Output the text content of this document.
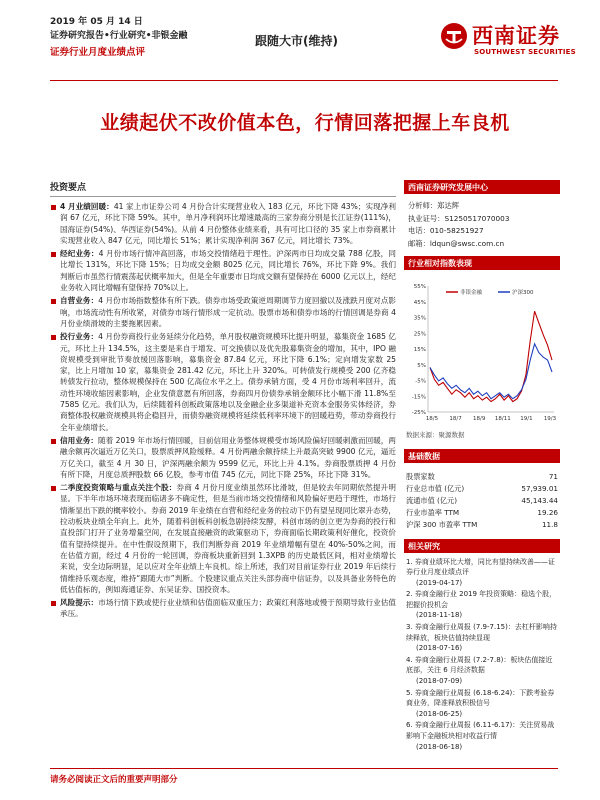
2019 年 05 月 14 日
证券研究报告•行业研究•非银金融
证券行业月度业绩点评
跟随大市(维持)	西南证券
SOUTHWEST SECURITIES
业绩起伏不改价值本色，行情回落把握上车良机
投资要点
4 月业绩回暖：41 家上市证券公司 4 月份合计实现营业收入 183 亿元，环比下降 43%；实现净利润 67 亿元，环比下降 59%。其中，单月净利润环比增速最高的三家券商分别是长江证券(111%)，国海证券(54%)、华西证券(54%)。从前 4 月份整体业绩来看，具有可比口径的 35 家上市券商累计实现营业收入 847 亿元，同比增长 51%；累计实现净利润 367 亿元，同比增长 73%。
经纪业务：4 月份市场行情冲高回落，市场交投情绪趋于理性。沪深两市日均成交量 788 亿股，同比增长 131%，环比下降 15%；日均成交金额 8025 亿元，同比增长 76%，环比下降 9%。我们判断后市虽然行情震荡起伏概率加大，但是全年重要市日均成交额有望保持在 6000 亿元以上，经纪业务收入同比增幅有望保持 70%以上。
自营业务：4 月份市场指数整体有所下跌。债券市场受政策逆周期调节力度回撤以及涨跌月度对点影响，市场流动性有所收紧，对债券市场行情形成一定抗动。股票市场和债券市场的行情回调是券商 4 月份业绩滑坡的主要拖累因素。
投行业务：4 月份券商投行业务延续分化趋势，单月股权融资规模环比提升明显，募集资金 1685 亿元，环比上升 134.5%，这主要是来自于增发、可交换债以及优先股募集资金的增加，其中，IPO 融资规模受到审批节奏放缓回落影响，募集资金 87.84 亿元，环比下降 6.1%；定向增发家数 25 家，比上月增加 10 家，募集资金 281.42 亿元，环比上升 320%。可转债发行规模受 200 亿齐稳转债发行拉动，整体规模保持在 500 亿高位水平之上。债券承销方面，受 4 月份市场利率回升，流动性环境收缩因素影响，企业发债意愿有所回落，券商四月份债券承销金额环比小幅下滑 11.8%至 7585 亿元。我们认为，后续随着科创板政策落地以及金融企业多渠道补充资本金服务实体经济，券商整体股权融资规模具将企稳回升，而债券融资规模将延续低利率环境下的回暖趋势，带动券商投行全年业绩增长。
信用业务：随着 2019 年市场行情回暖，目前信用业务整体规模受市场风险偏好回暖刺激而回暖，两融余额再次逼近万亿关口，股票质押风险缓释。4 月份两融余额持续上升最高突破 9900 亿元，逼近万亿关口，截至 4 月 30 日，沪深两融余额为 9599 亿元，环比上升 4.1%。券商股票质押 4 月份有所下降，月度总质押股数 66 亿股，参考市值 745 亿元，同比下降 25%，环比下降 31%。
二季度投资策略与重点关注个股：券商 4 月份月度业绩虽然环比滑坡，但是较去年同期依然提升明显。下半年市场环境表现而临诸多不确定性，但是当前市场交投情绪和风险偏好更趋于理性，市场行情渐显出下跌的概率较小。券商 2019 年业绩在自营和经纪业务的拉动下仍有望呈现同比翠升态势，拉动板块业绩全年向上。此外，随着科创板科创板急剧持续发酵，科创市场的创立更为券商的投行和直投部门打开了业务增量空间，在发展直接融资的政策驱动下，券商面临长期政策利好催化，投资价值有望持续提升。在中性假设预期下，我们判断券商 2019 年业绩增幅有望在 40%-50%之间，而在估值方面，经过 4 月份的一轮回调，券商板块重新回到 1.3XPB 的历史最低区间，相对业绩增长来说，安全边际明显，足以应对全年业绩上车良机。综上所述，我们对目前证券行业 2019 年后续行情维持乐观态度，维持“跟随大市”判断。个股建议重点关注头部券商中信证券，以及具备业务特色的低估值标的，例如海通证券、东吴证券、国投资本。
风险提示：市场行情下跌或使行业业绩和估值面临双重压力；政策红利落地或慢于预期导致行业估值承压。
西南证券研究发展中心
分析师：郑达辉
执业证号：S1250517070003
电话：010-58251927
邮箱：ldqun@swsc.com.cn
行业相对指数表现
55%
45%
35%
25%
15%
5%
-5%
-15%
-25%
18/5 18/7 18/9 18/11 19/1 19/3
非银金融	沪深300
数据来源：聚源数据
基础数据
股票家数	71
行业总市值 (亿元)	57,939.01
流通市值 (亿元)	45,143.44
行业市盈率 TTM	19.26
沪深 300 市盈率 TTM	11.8
相关研究
1. 券商业绩环比大增，同比有望持续改善——证券行业月度业绩点评
(2019-04-17)
2. 券商金融行业 2019 年投资策略：稳选个股，把握价投机会
(2018-11-18)
3. 券商金融行业周报 (7.9-7.15)：去杠杆影响持续释放，板块估值持续显现
(2018-07-16)
4. 券商金融行业周报 (7.2-7.8)：板块估值接近底部，关注 6 月经济数据
(2018-07-09)
5. 券商金融行业周报 (6.18-6.24)：下跌考验券商业务，降准释放积极信号
(2018-06-25)
6. 券商金融行业周报 (6.11-6.17)：关注贸易战影响下金融板块相对收益行情
(2018-06-18)
请务必阅读正文后的重要声明部分
